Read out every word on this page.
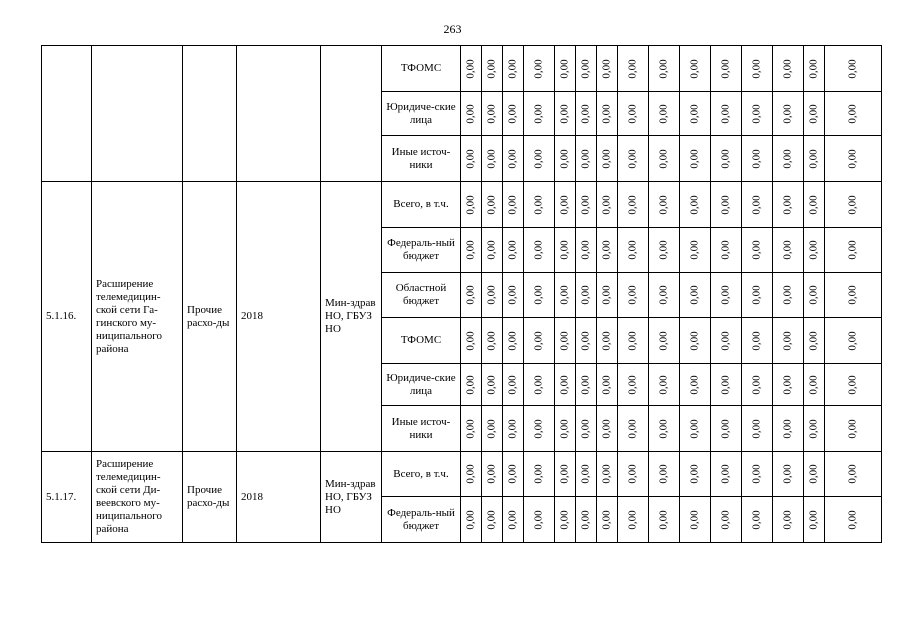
263
					ТФОМС	0,00	0,00	0,00	0,00	0,00	0,00	0,00	0,00	0,00	0,00	0,00	0,00	0,00	0,00	0,00

					Юридиче-ские лица	0,00	0,00	0,00	0,00	0,00	0,00	0,00	0,00	0,00	0,00	0,00	0,00	0,00	0,00	0,00

					Иные источ-ники	0,00	0,00	0,00	0,00	0,00	0,00	0,00	0,00	0,00	0,00	0,00	0,00	0,00	0,00	0,00

5.1.16.	Расширение телемедицин-ской сети Га-гинского му-ниципального района	Прочие расхо-ды	2018	Мин-здрав НО, ГБУЗ НО	Всего, в т.ч.	0,00	0,00	0,00	0,00	0,00	0,00	0,00	0,00	0,00	0,00	0,00	0,00	0,00	0,00	0,00

					Федераль-ный бюджет	0,00	0,00	0,00	0,00	0,00	0,00	0,00	0,00	0,00	0,00	0,00	0,00	0,00	0,00	0,00

					Областной бюджет	0,00	0,00	0,00	0,00	0,00	0,00	0,00	0,00	0,00	0,00	0,00	0,00	0,00	0,00	0,00

					ТФОМС	0,00	0,00	0,00	0,00	0,00	0,00	0,00	0,00	0,00	0,00	0,00	0,00	0,00	0,00	0,00

					Юридиче-ские лица	0,00	0,00	0,00	0,00	0,00	0,00	0,00	0,00	0,00	0,00	0,00	0,00	0,00	0,00	0,00

					Иные источ-ники	0,00	0,00	0,00	0,00	0,00	0,00	0,00	0,00	0,00	0,00	0,00	0,00	0,00	0,00	0,00

5.1.17.	Расширение телемедицин-ской сети Ди-веевского му-ниципального района	Прочие расхо-ды	2018	Мин-здрав НО, ГБУЗ НО	Всего, в т.ч.	0,00	0,00	0,00	0,00	0,00	0,00	0,00	0,00	0,00	0,00	0,00	0,00	0,00	0,00	0,00

					Федераль-ный бюджет	0,00	0,00	0,00	0,00	0,00	0,00	0,00	0,00	0,00	0,00	0,00	0,00	0,00	0,00	0,00
